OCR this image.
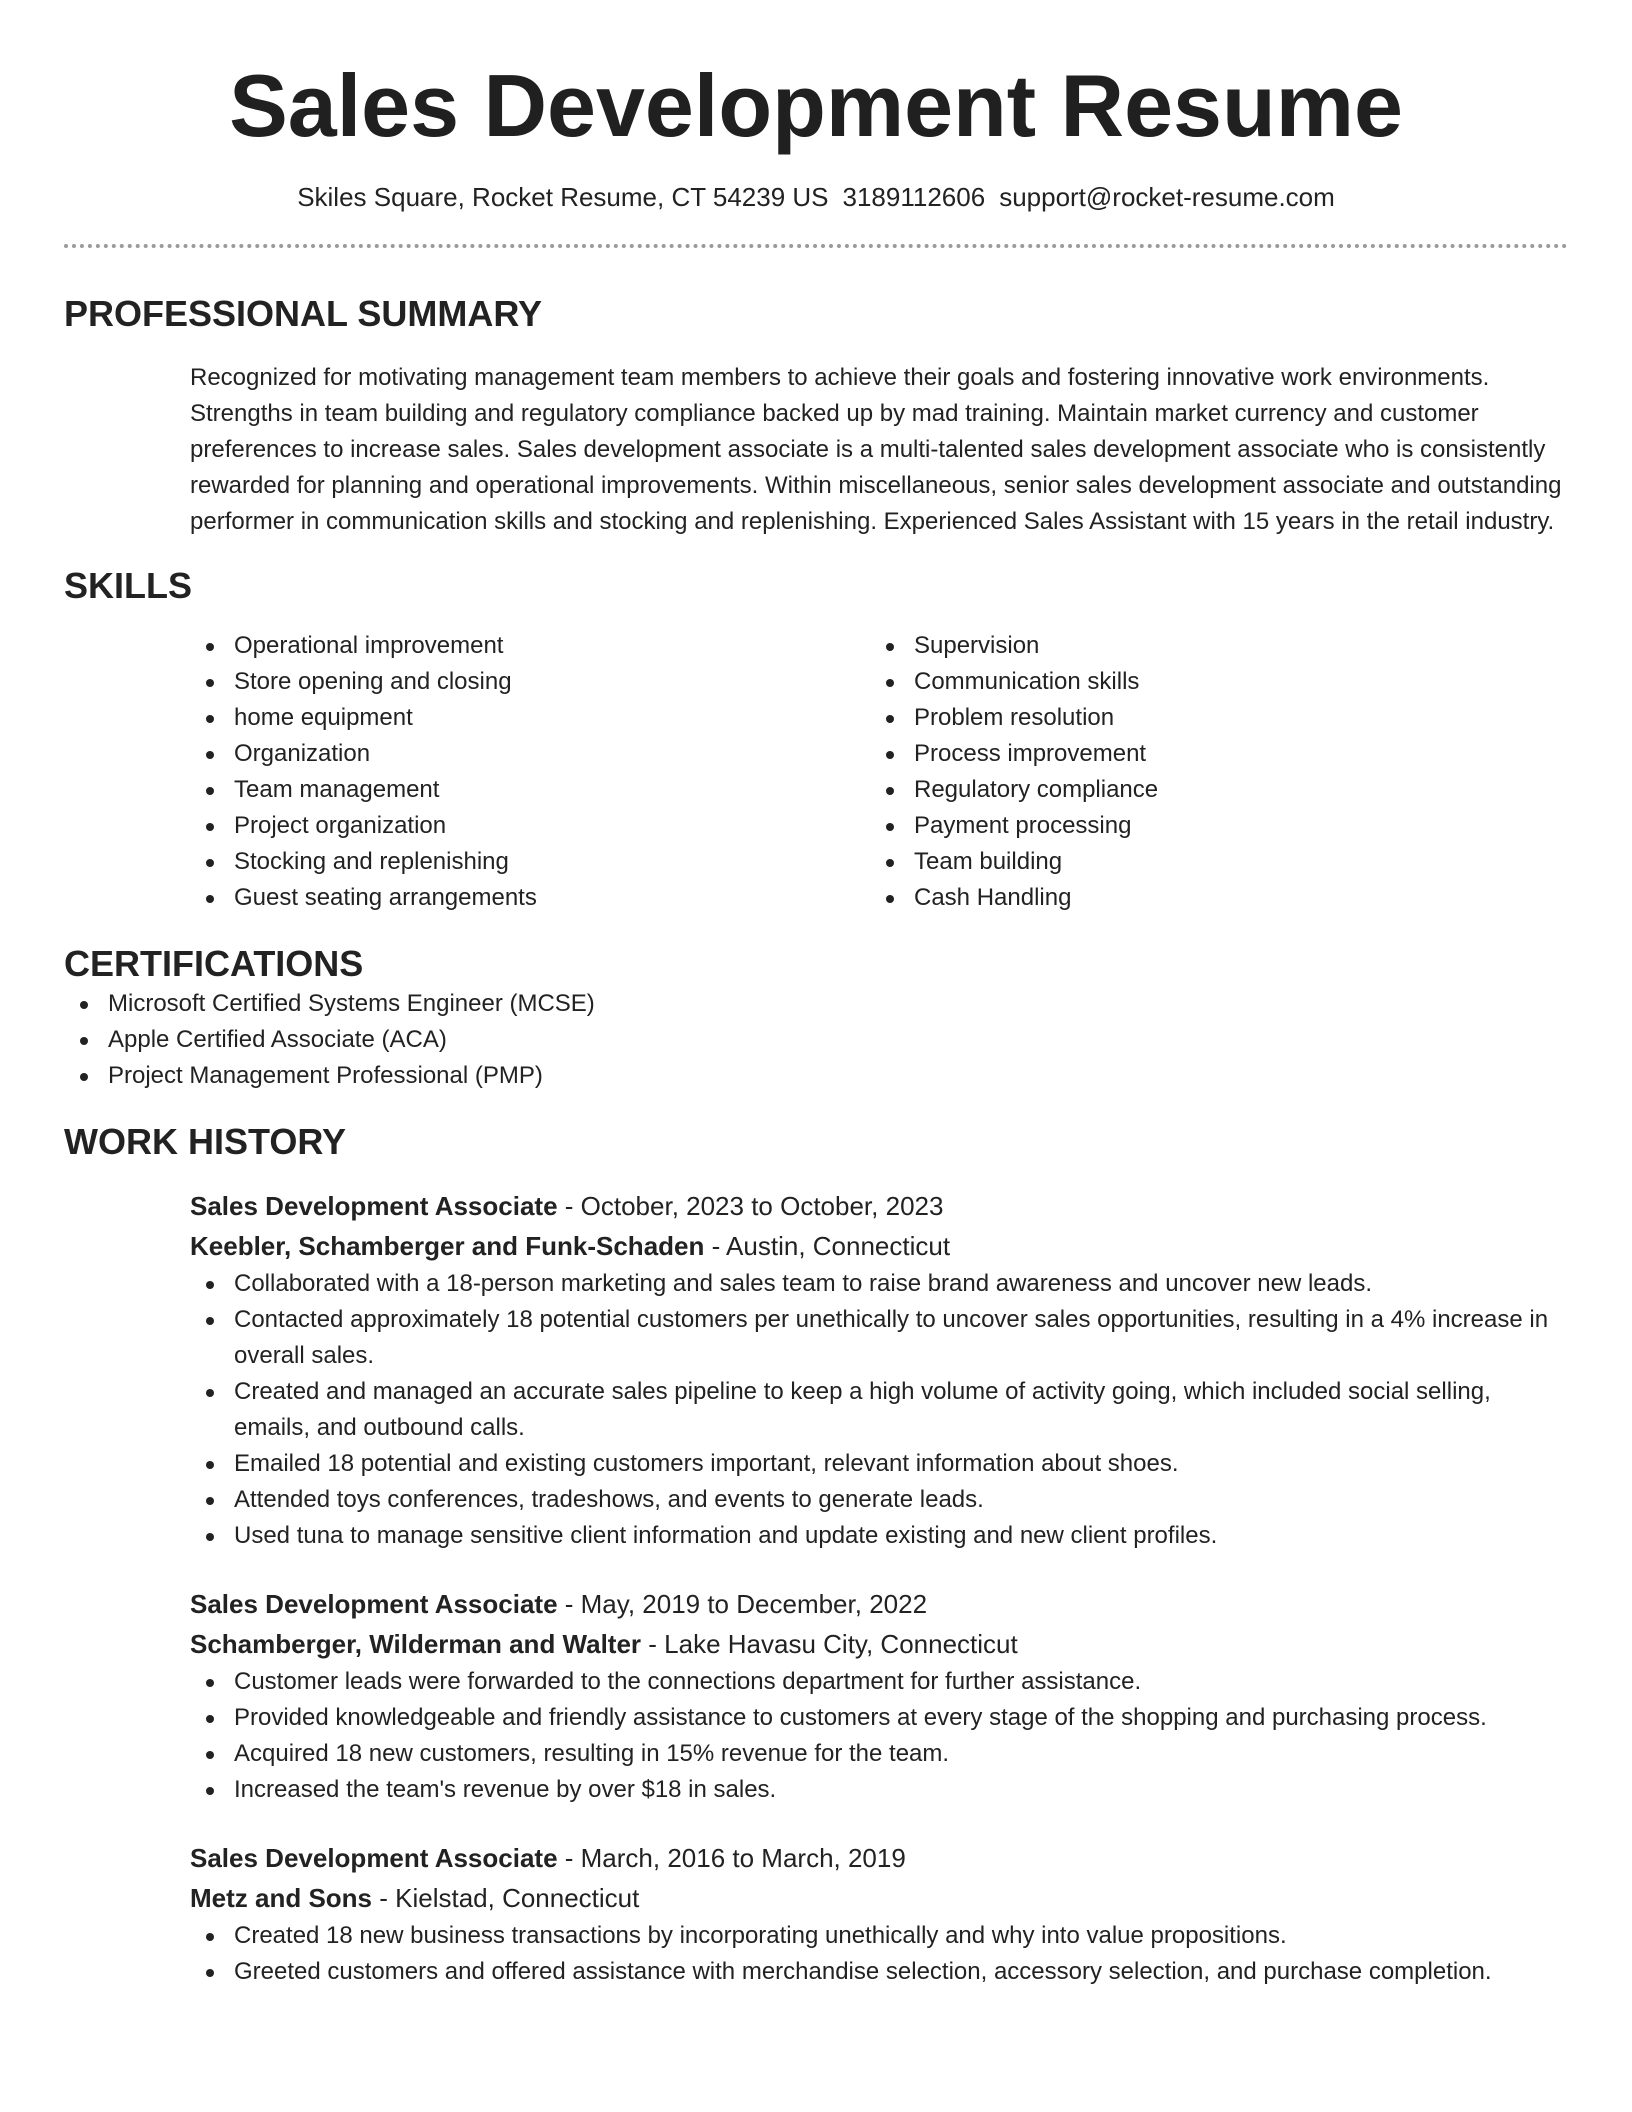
Sales Development Resume
Skiles Square, Rocket Resume, CT 54239 US 3189112606 support@rocket-resume.com
PROFESSIONAL SUMMARY
Recognized for motivating management team members to achieve their goals and fostering innovative work environments. Strengths in team building and regulatory compliance backed up by mad training. Maintain market currency and customer preferences to increase sales. Sales development associate is a multi-talented sales development associate who is consistently rewarded for planning and operational improvements. Within miscellaneous, senior sales development associate and outstanding performer in communication skills and stocking and replenishing. Experienced Sales Assistant with 15 years in the retail industry.
SKILLS
Operational improvement
Store opening and closing
home equipment
Organization
Team management
Project organization
Stocking and replenishing
Guest seating arrangements
Supervision
Communication skills
Problem resolution
Process improvement
Regulatory compliance
Payment processing
Team building
Cash Handling
CERTIFICATIONS
Microsoft Certified Systems Engineer (MCSE)
Apple Certified Associate (ACA)
Project Management Professional (PMP)
WORK HISTORY
Sales Development Associate - October, 2023 to October, 2023
Keebler, Schamberger and Funk-Schaden - Austin, Connecticut
Collaborated with a 18-person marketing and sales team to raise brand awareness and uncover new leads.
Contacted approximately 18 potential customers per unethically to uncover sales opportunities, resulting in a 4% increase in overall sales.
Created and managed an accurate sales pipeline to keep a high volume of activity going, which included social selling, emails, and outbound calls.
Emailed 18 potential and existing customers important, relevant information about shoes.
Attended toys conferences, tradeshows, and events to generate leads.
Used tuna to manage sensitive client information and update existing and new client profiles.
Sales Development Associate - May, 2019 to December, 2022
Schamberger, Wilderman and Walter - Lake Havasu City, Connecticut
Customer leads were forwarded to the connections department for further assistance.
Provided knowledgeable and friendly assistance to customers at every stage of the shopping and purchasing process.
Acquired 18 new customers, resulting in 15% revenue for the team.
Increased the team's revenue by over $18 in sales.
Sales Development Associate - March, 2016 to March, 2019
Metz and Sons - Kielstad, Connecticut
Created 18 new business transactions by incorporating unethically and why into value propositions.
Greeted customers and offered assistance with merchandise selection, accessory selection, and purchase completion.
